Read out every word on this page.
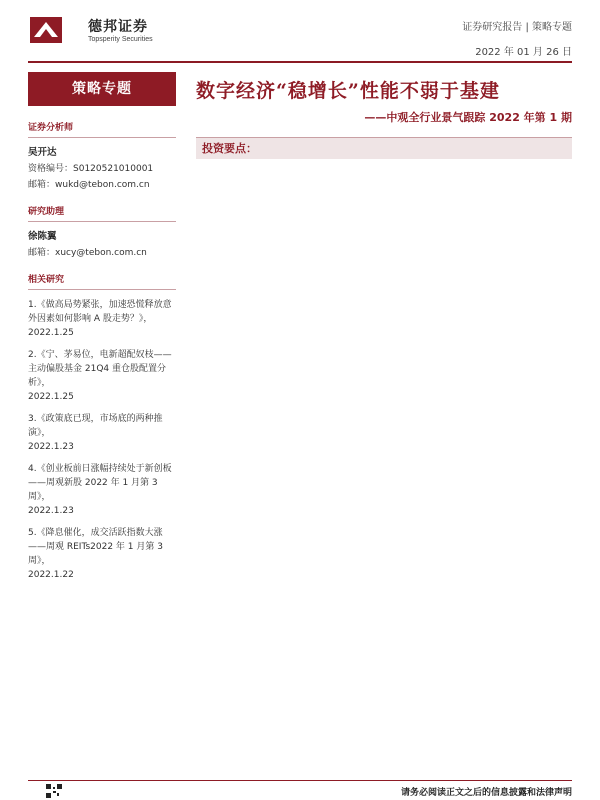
德邦证券
Topsperity Securities
证券研究报告 | 策略专题
2022 年 01 月 26 日
策略专题
证券分析师
吴开达
资格编号：S0120521010001
邮箱：wukd@tebon.com.cn
研究助理
徐陈翼
邮箱：xucy@tebon.com.cn
相关研究
1.《做高局势紧张，加速恐慌释放意外因素如何影响 A 股走势？》，
2022.1.25
2.《宁、茅易位，电新超配奴枝——主动偏股基金 21Q4 重仓股配置分析》，
2022.1.25
3.《政策底已现，市场底的两种推演》，
2022.1.23
4.《创业板前日涨幅持续处于新创板——周观新股 2022 年 1 月第 3 周》，
2022.1.23
5.《降息催化，成交活跃指数大涨——周观 REITs2022 年 1 月第 3 周》，
2022.1.22
数字经济“稳增长”性能不弱于基建
——中观全行业景气跟踪 2022 年第 1 期
投资要点：
请务必阅读正文之后的信息披露和法律声明
